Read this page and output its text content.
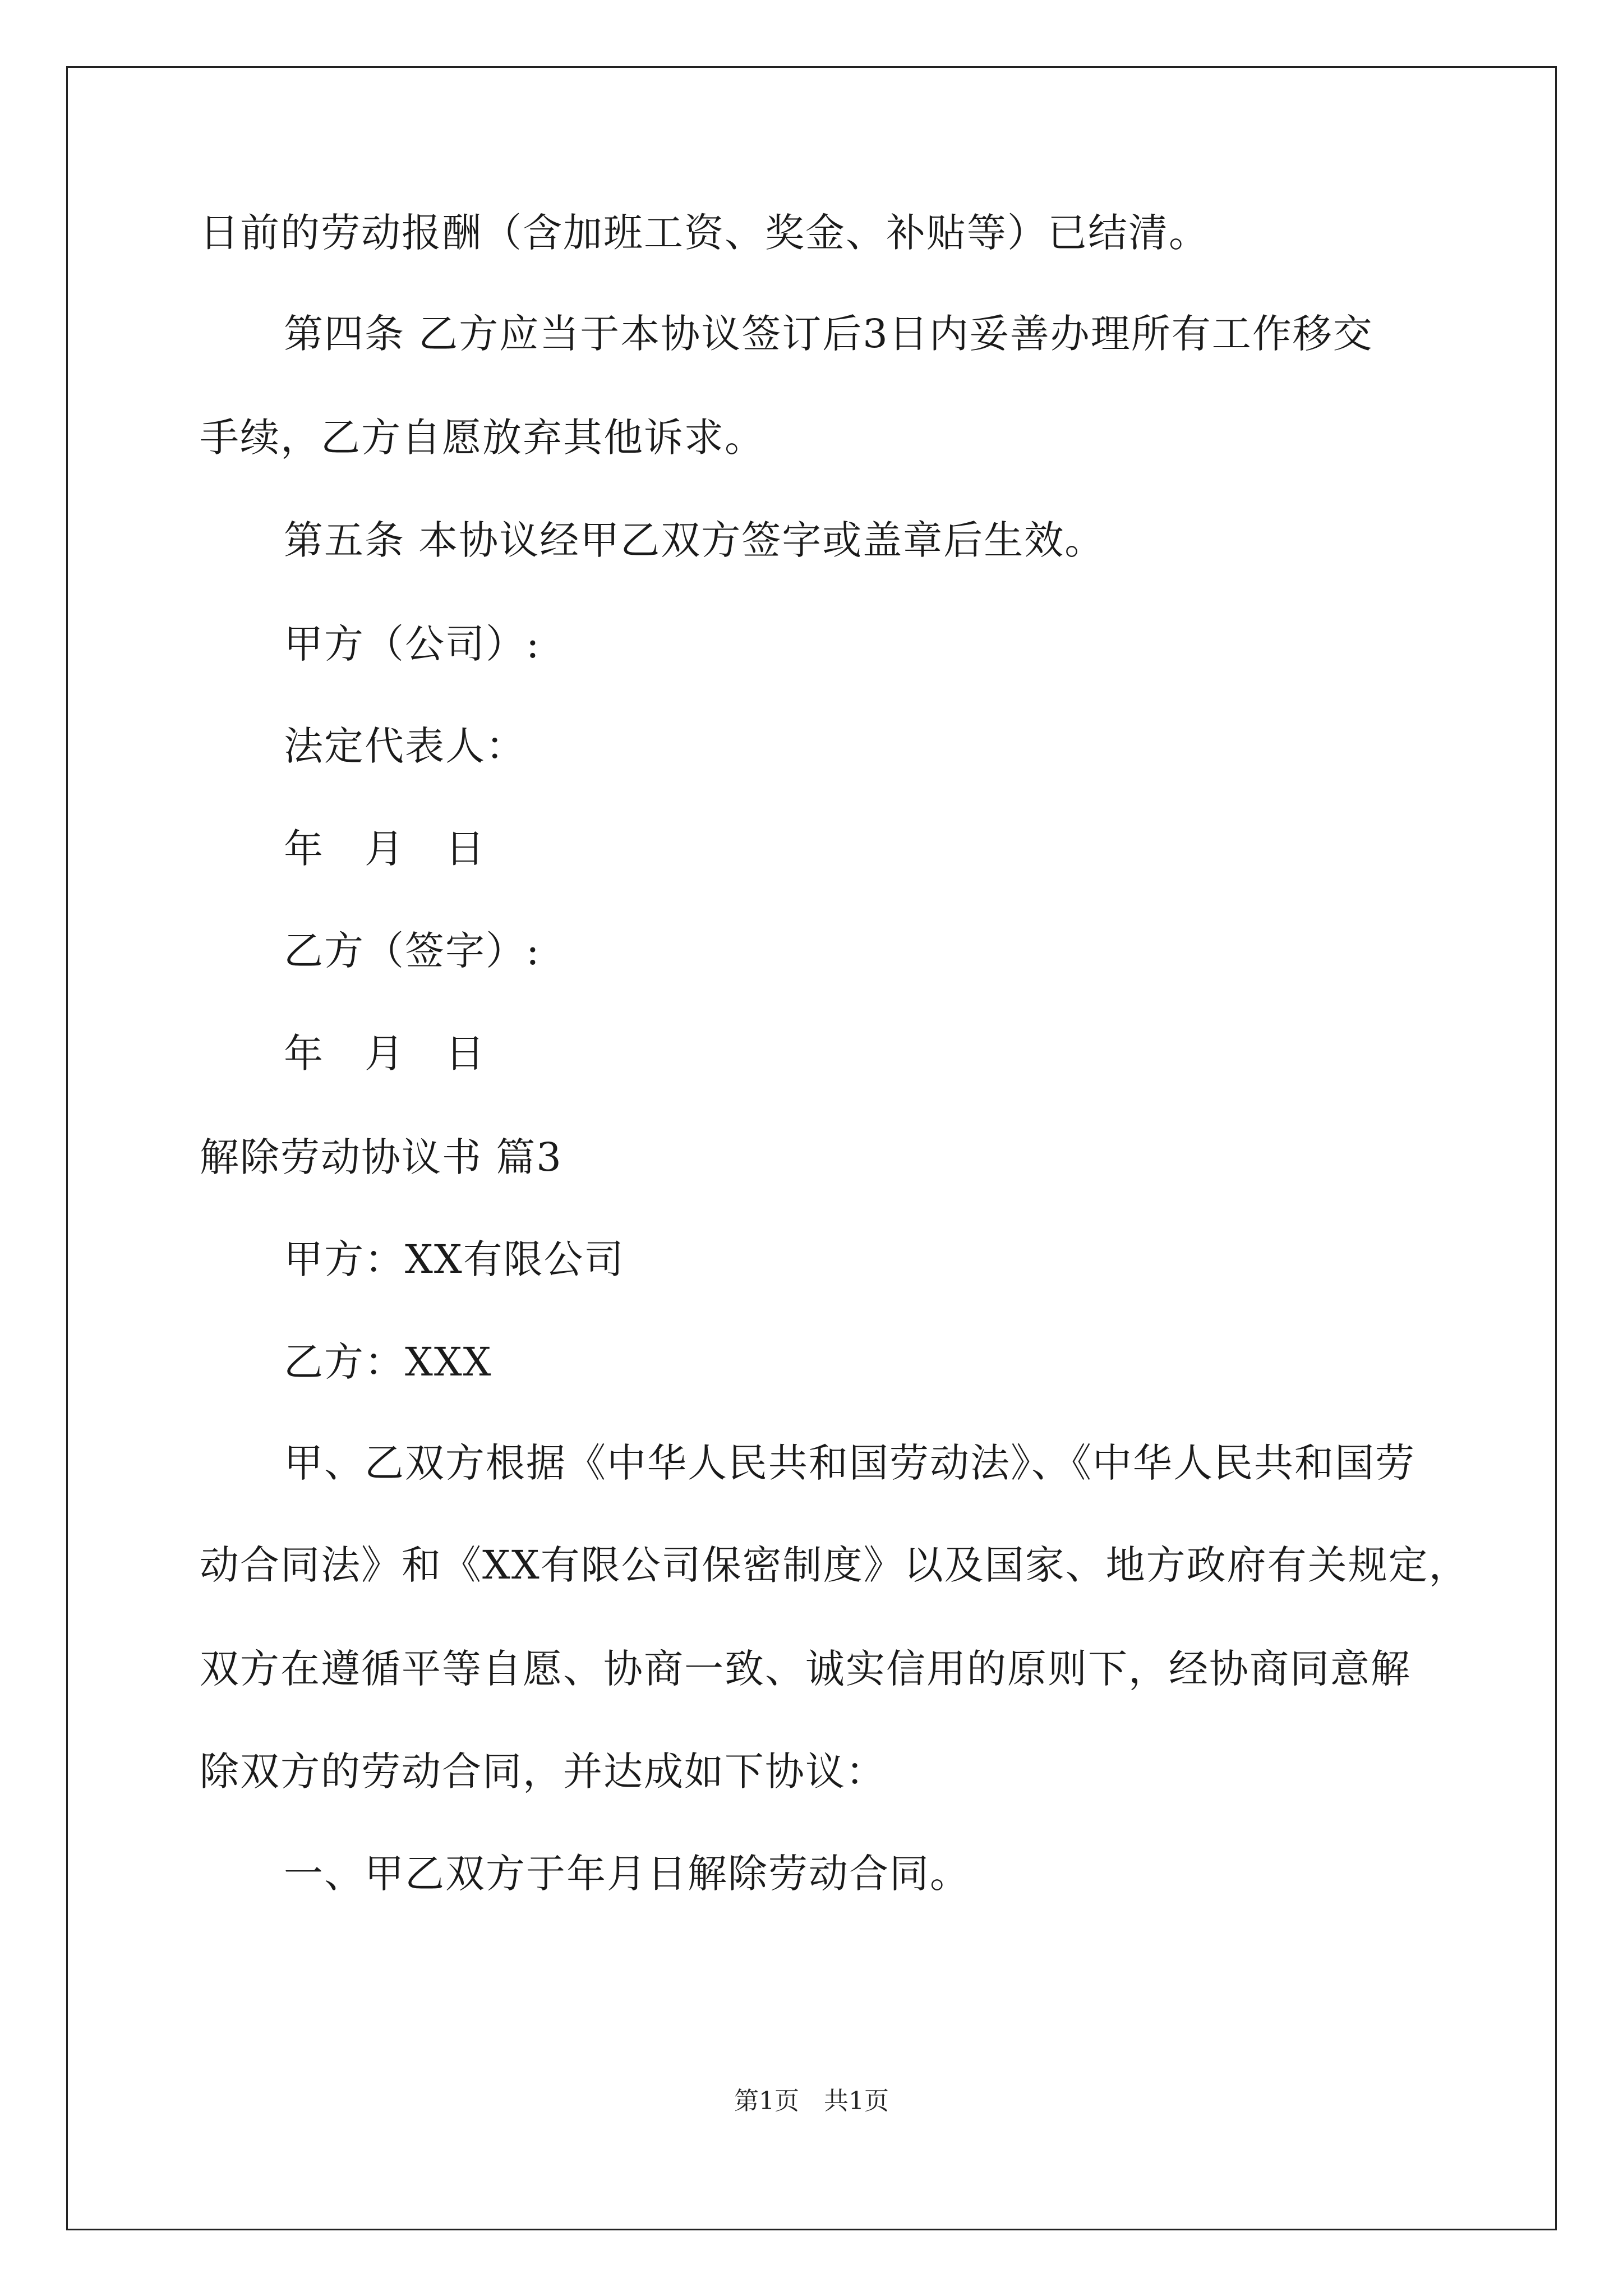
日前的劳动报酬（含加班工资、奖金、补贴等）已结清。
第四条 乙方应当于本协议签订后3日内妥善办理所有工作移交
手续，乙方自愿放弃其他诉求。
第五条 本协议经甲乙双方签字或盖章后生效。
甲方（公司）:
法定代表人：
年　月　日
乙方（签字）:
年　月　日
解除劳动协议书 篇3
甲方：XX有限公司
乙方：XXX
甲、乙双方根据《中华人民共和国劳动法》、《中华人民共和国劳
动合同法》和《XX有限公司保密制度》以及国家、地方政府有关规定，
双方在遵循平等自愿、协商一致、诚实信用的原则下，经协商同意解
除双方的劳动合同，并达成如下协议：
一、甲乙双方于年月日解除劳动合同。
第1页　共1页
